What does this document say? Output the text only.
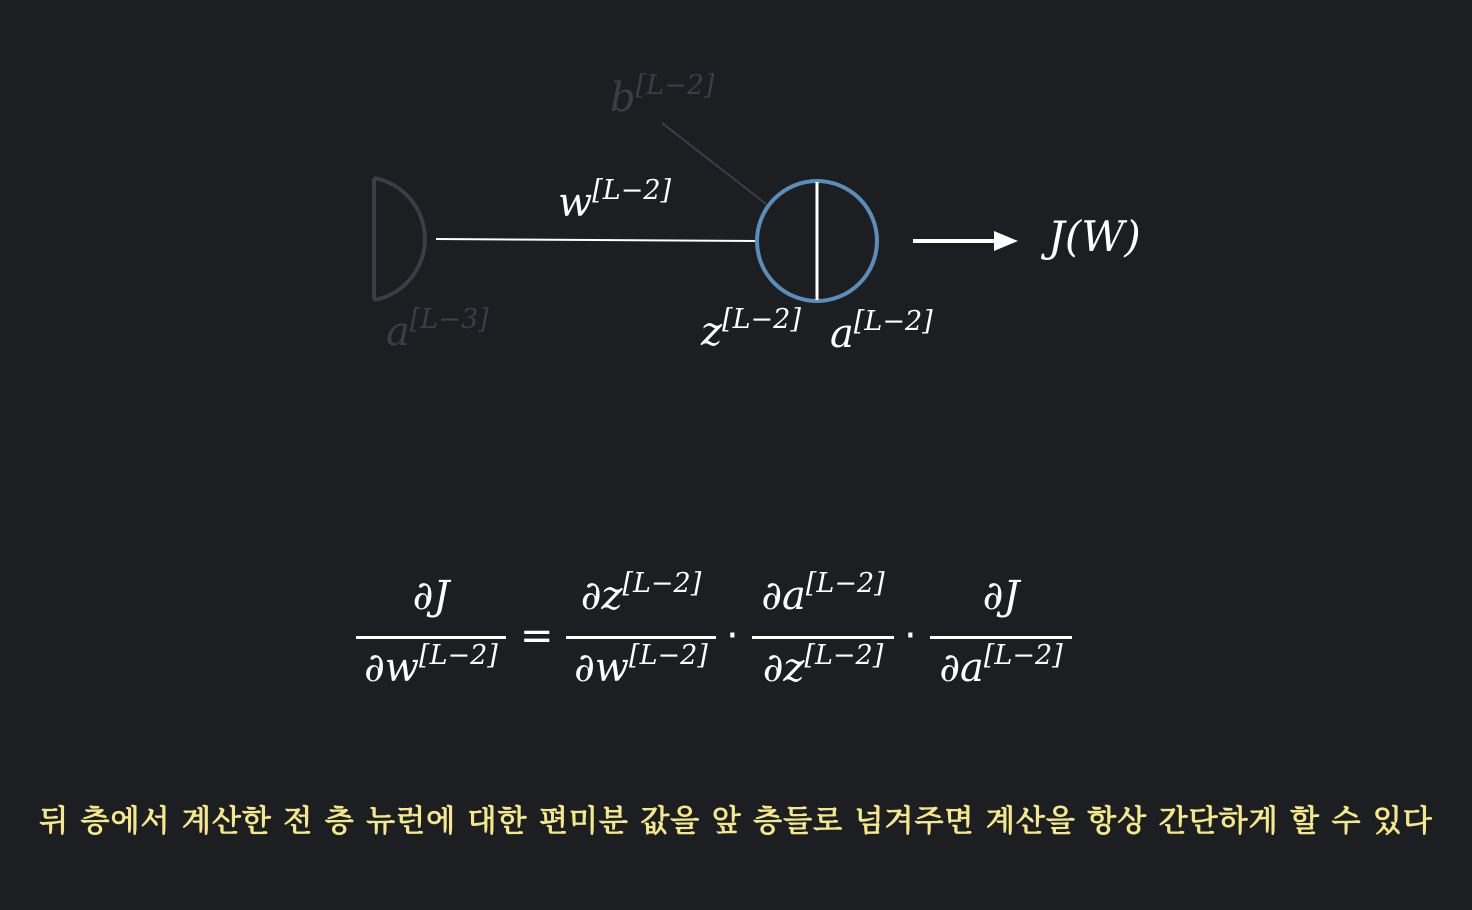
b[L−2]
w[L−2]
a[L−3]	z[L−2] a[L−2]
J(W)
∂J
∂w[L−2] =
∂z[L−2]
∂w[L−2] ·
∂a[L−2]
∂z[L−2] ·
∂J
∂a[L−2]
뒤 층에서 계산한 전 층 뉴런에 대한 편미분 값을 앞 층들로 넘겨주면 계산을 항상 간단하게 할 수 있다
